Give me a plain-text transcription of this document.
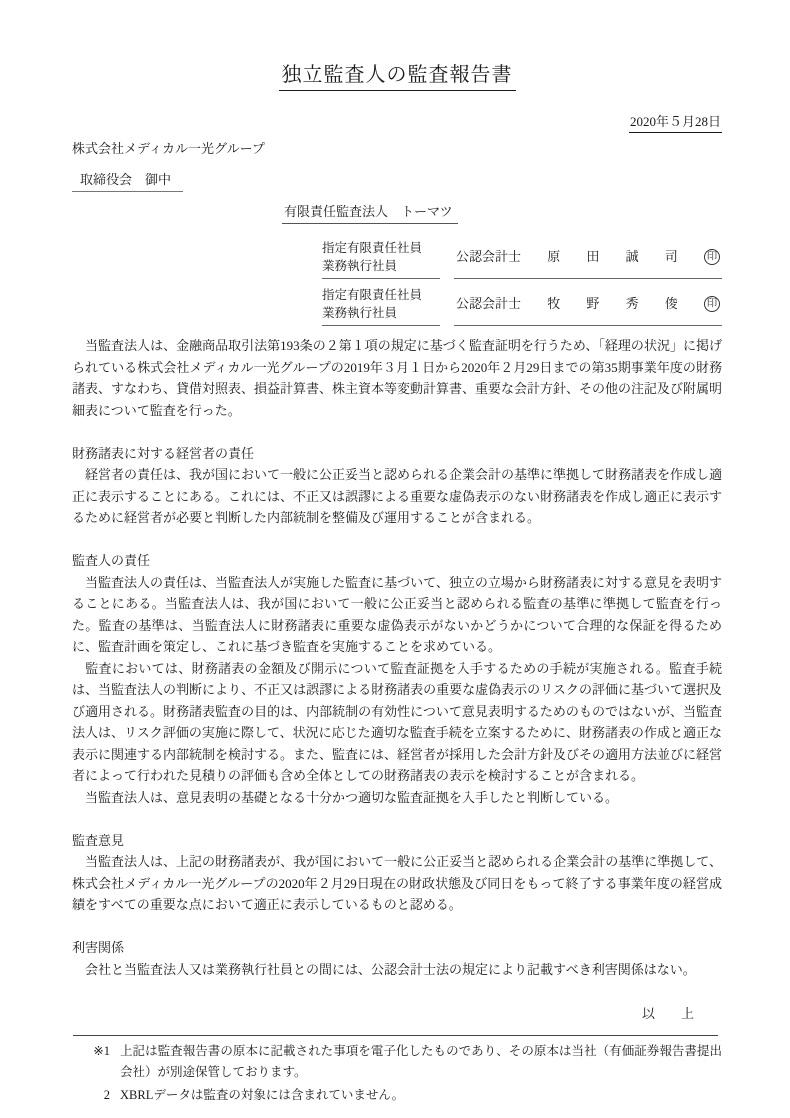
独立監査人の監査報告書
2020年５月28日
株式会社メディカル一光グループ
取締役会　御中
有限責任監査法人　トーマツ
指定有限責任社員
業務執行社員
公認会計士 原 田 誠 司	印
指定有限責任社員
業務執行社員
公認会計士 牧 野 秀 俊	印

　当監査法人は、金融商品取引法第193条の２第１項の規定に基づく監査証明を行うため、「経理の状況」に掲げられている株式会社メディカル一光グループの2019年３月１日から2020年２月29日までの第35期事業年度の財務諸表、すなわち、貸借対照表、損益計算書、株主資本等変動計算書、重要な会計方針、その他の注記及び附属明細表について監査を行った。

財務諸表に対する経営者の責任

　経営者の責任は、我が国において一般に公正妥当と認められる企業会計の基準に準拠して財務諸表を作成し適正に表示することにある。これには、不正又は誤謬による重要な虚偽表示のない財務諸表を作成し適正に表示するために経営者が必要と判断した内部統制を整備及び運用することが含まれる。

監査人の責任

　当監査法人の責任は、当監査法人が実施した監査に基づいて、独立の立場から財務諸表に対する意見を表明することにある。当監査法人は、我が国において一般に公正妥当と認められる監査の基準に準拠して監査を行った。監査の基準は、当監査法人に財務諸表に重要な虚偽表示がないかどうかについて合理的な保証を得るために、監査計画を策定し、これに基づき監査を実施することを求めている。

　監査においては、財務諸表の金額及び開示について監査証拠を入手するための手続が実施される。監査手続は、当監査法人の判断により、不正又は誤謬による財務諸表の重要な虚偽表示のリスクの評価に基づいて選択及び適用される。財務諸表監査の目的は、内部統制の有効性について意見表明するためのものではないが、当監査法人は、リスク評価の実施に際して、状況に応じた適切な監査手続を立案するために、財務諸表の作成と適正な表示に関連する内部統制を検討する。また、監査には、経営者が採用した会計方針及びその適用方法並びに経営者によって行われた見積りの評価も含め全体としての財務諸表の表示を検討することが含まれる。

　当監査法人は、意見表明の基礎となる十分かつ適切な監査証拠を入手したと判断している。

監査意見

　当監査法人は、上記の財務諸表が、我が国において一般に公正妥当と認められる企業会計の基準に準拠して、株式会社メディカル一光グループの2020年２月29日現在の財政状態及び同日をもって終了する事業年度の経営成績をすべての重要な点において適正に表示しているものと認める。

利害関係

　会社と当監査法人又は業務執行社員との間には、公認会計士法の規定により記載すべき利害関係はない。

以　　上
※1 上記は監査報告書の原本に記載された事項を電子化したものであり、その原本は当社（有価証券報告書提出会社）が別途保管しております。
2 XBRLデータは監査の対象には含まれていません。
